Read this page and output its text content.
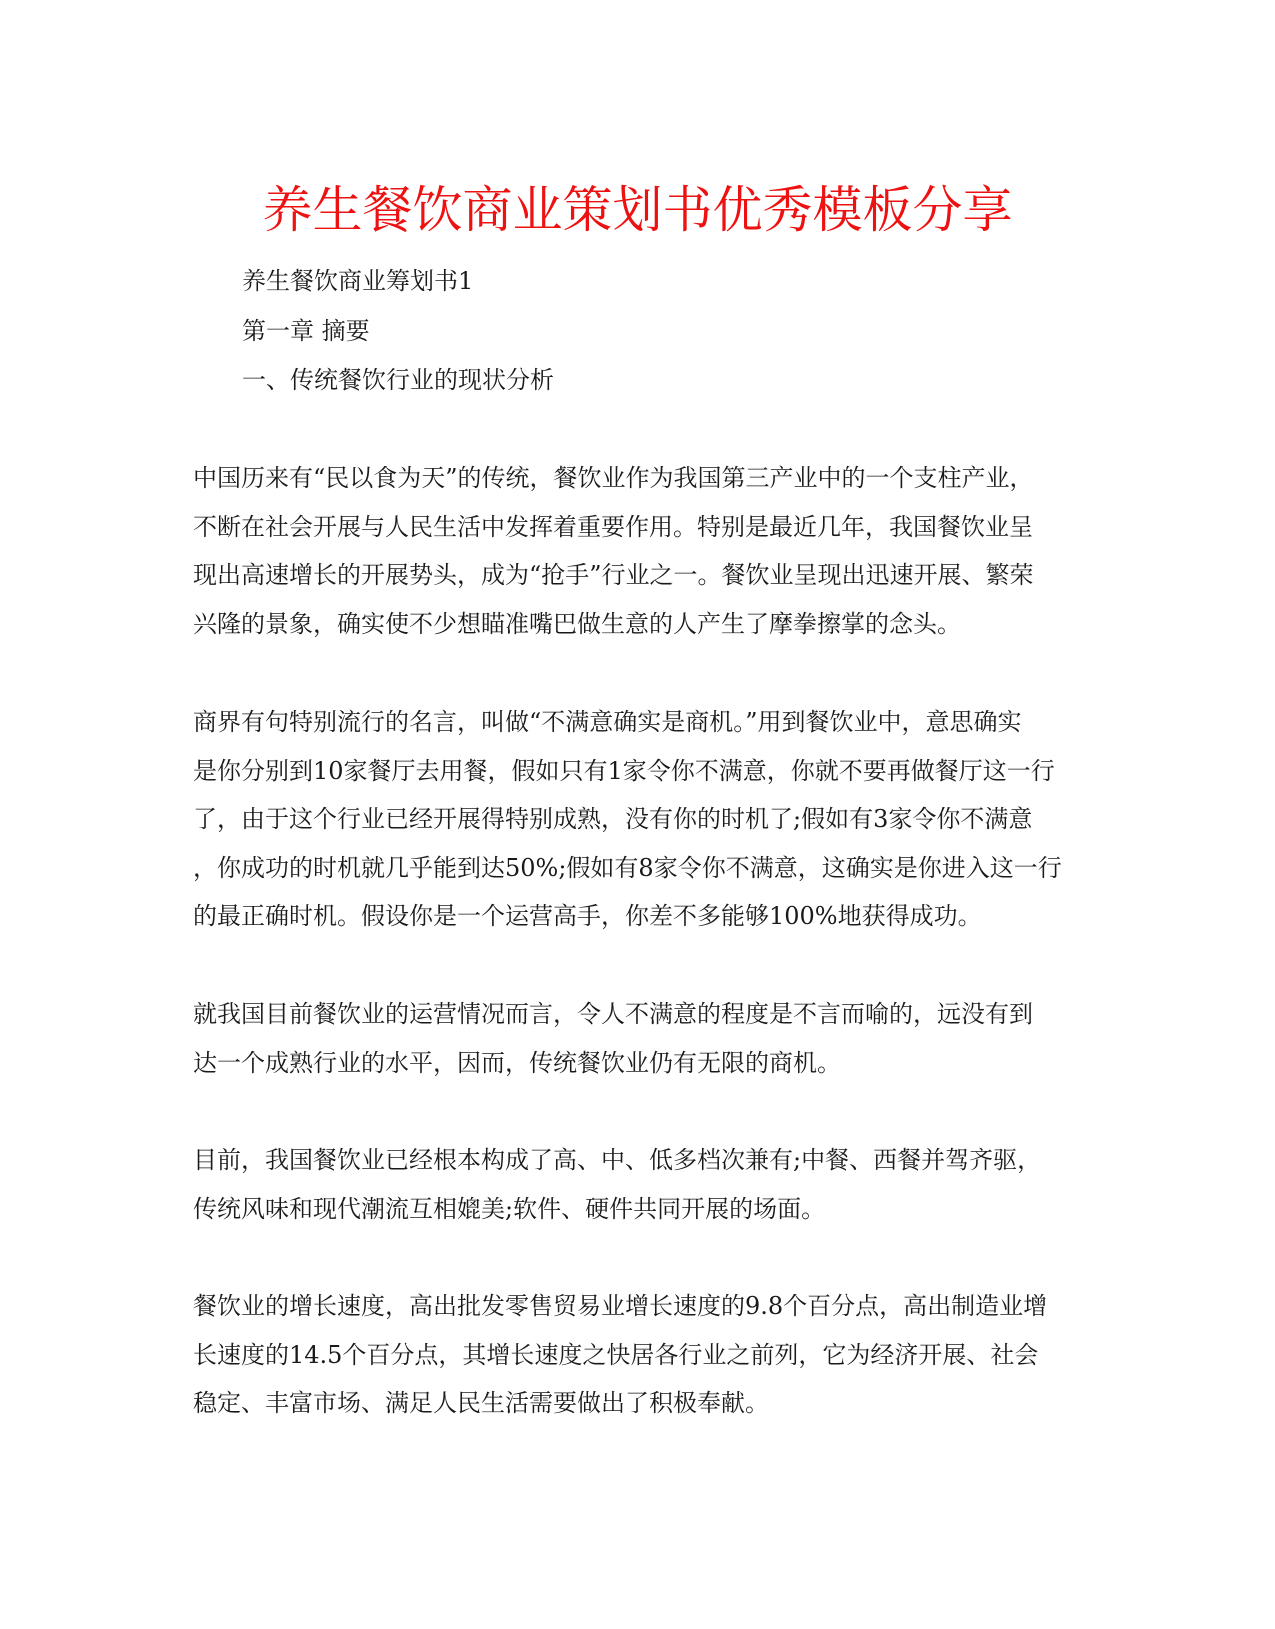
养生餐饮商业策划书优秀模板分享
养生餐饮商业筹划书1
第一章 摘要
一、传统餐饮行业的现状分析
中国历来有“民以食为天”的传统，餐饮业作为我国第三产业中的一个支柱产业，
不断在社会开展与人民生活中发挥着重要作用。特别是最近几年，我国餐饮业呈
现出高速增长的开展势头，成为“抢手”行业之一。餐饮业呈现出迅速开展、繁荣
兴隆的景象，确实使不少想瞄准嘴巴做生意的人产生了摩拳擦掌的念头。
商界有句特别流行的名言，叫做“不满意确实是商机。”用到餐饮业中，意思确实
是你分别到10家餐厅去用餐，假如只有1家令你不满意，你就不要再做餐厅这一行
了，由于这个行业已经开展得特别成熟，没有你的时机了;假如有3家令你不满意
，你成功的时机就几乎能到达50%;假如有8家令你不满意，这确实是你进入这一行
的最正确时机。假设你是一个运营高手，你差不多能够100%地获得成功。
就我国目前餐饮业的运营情况而言，令人不满意的程度是不言而喻的，远没有到
达一个成熟行业的水平，因而，传统餐饮业仍有无限的商机。
目前，我国餐饮业已经根本构成了高、中、低多档次兼有;中餐、西餐并驾齐驱，
传统风味和现代潮流互相媲美;软件、硬件共同开展的场面。
餐饮业的增长速度，高出批发零售贸易业增长速度的9.8个百分点，高出制造业增
长速度的14.5个百分点，其增长速度之快居各行业之前列，它为经济开展、社会
稳定、丰富市场、满足人民生活需要做出了积极奉献。
